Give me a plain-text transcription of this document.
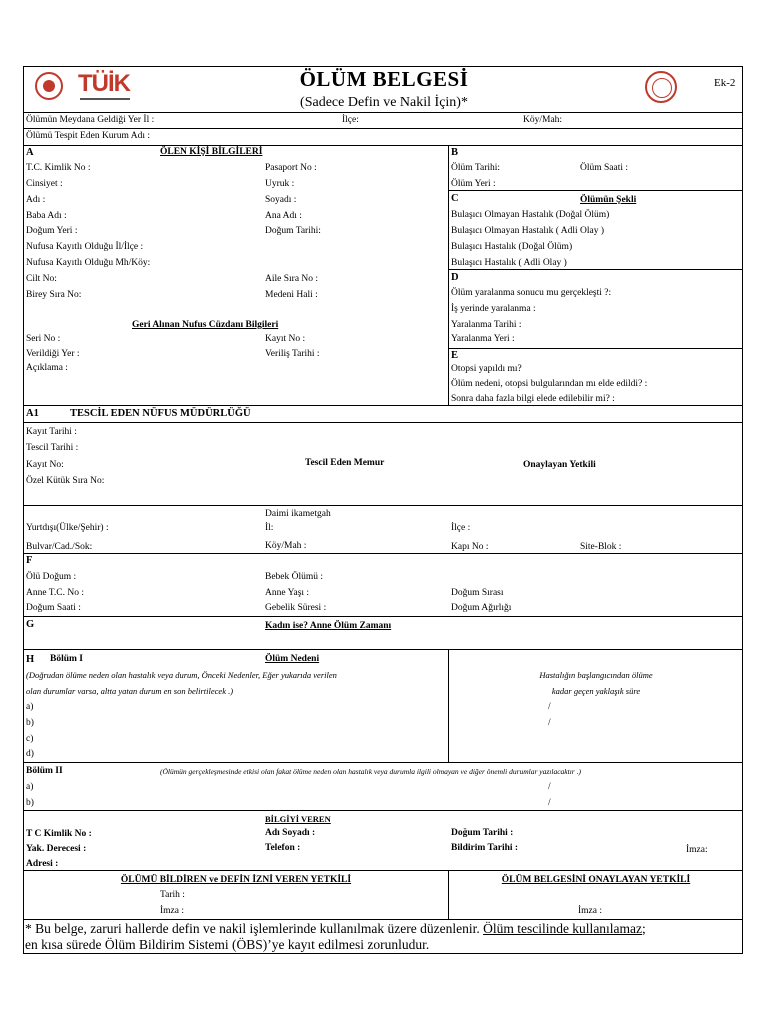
TÜİK	ÖLÜM BELGESİ
(Sadece Defin ve Nakil İçin)*
Ek-2
Ölümün Meydana Geldiği Yer İl :	İlçe:	Köy/Mah:
Ölümü Tespit Eden Kurum Adı :
A	ÖLEN KİŞİ BİLGİLERİ
T.C. Kimlik No :	Pasaport No :
Cinsiyet :	Uyruk :
Adı :	Soyadı :
Baba Adı :	Ana Adı :
Doğum Yeri :	Doğum Tarihi:
Nufusa Kayıtlı Olduğu İl/İlçe :
Nufusa Kayıtlı Olduğu Mh/Köy:
Cilt No:	Aile Sıra No :
Birey Sıra No:	Medeni Hali :
Geri Alınan Nufus Cüzdanı Bilgileri
Seri No :	Kayıt No :
Verildiği Yer :	Veriliş Tarihi :
Açıklama :
B
Ölüm Tarihi:	Ölüm Saati :
Ölüm Yeri :
C	Ölümün Şekli
Bulaşıcı Olmayan Hastalık (Doğal Ölüm)
Bulaşıcı Olmayan Hastalık ( Adli Olay )
Bulaşıcı Hastalık (Doğal Ölüm)
Bulaşıcı Hastalık ( Adli Olay )
D
Ölüm yaralanma sonucu mu gerçekleşti ?:
İş yerinde yaralanma :
Yaralanma Tarihi :
Yaralanma Yeri :
E
Otopsi yapıldı mı?
Ölüm nedeni, otopsi bulgularından mı elde edildi? :
Sonra daha fazla bilgi elede edilebilir mi? :
A1	TESCİL EDEN NÜFUS MÜDÜRLÜĞÜ
Kayıt Tarihi :
Tescil Tarihi :
Kayıt No:	Tescil Eden Memur	Onaylayan Yetkili
Özel Kütük Sıra No:
Daimi ikametgah
Yurtdışı(Ülke/Şehir) :	İl:	İlçe :
Bulvar/Cad./Sok:	Köy/Mah :	Kapı No :	Site-Blok :
F
Ölü Doğum :	Bebek Ölümü :
Anne T.C. No :	Anne Yaşı :	Doğum Sırası
Doğum Saati :	Gebelik Süresi :	Doğum Ağırlığı
G	Kadın ise? Anne Ölüm Zamanı
H Bölüm I	Ölüm Nedeni
(Doğrudan ölüme neden olan hastalık veya durum, Önceki Nedenler, Eğer yukarıda verilen
olan durumlar varsa, altta yatan durum en son belirtilecek .)
Hastalığın başlangıcından ölüme
kadar geçen yaklaşık süre
a)	/
b)	/
c)
d)
Bölüm II	(Ölümün gerçekleşmesinde etkisi olan fakat ölüme neden olan hastalık veya durumla ilgili olmayan ve diğer önemli durumlar yazılacaktır .)
a)	/
b)	/
BİLGİYİ VEREN
T C Kimlik No :	Adı Soyadı :	Doğum Tarihi :
Yak. Derecesi :	Telefon :	Bildirim Tarihi :	İmza:
Adresi :
ÖLÜMÜ BİLDİREN ve DEFİN İZNİ VEREN YETKİLİ
Tarih :
İmza :
ÖLÜM BELGESİNİ ONAYLAYAN YETKİLİ
İmza :
* Bu belge, zaruri hallerde defin ve nakil işlemlerinde kullanılmak üzere düzenlenir. Ölüm tescilinde kullanılamaz;
en kısa sürede Ölüm Bildirim Sistemi (ÖBS)’ye kayıt edilmesi zorunludur.
